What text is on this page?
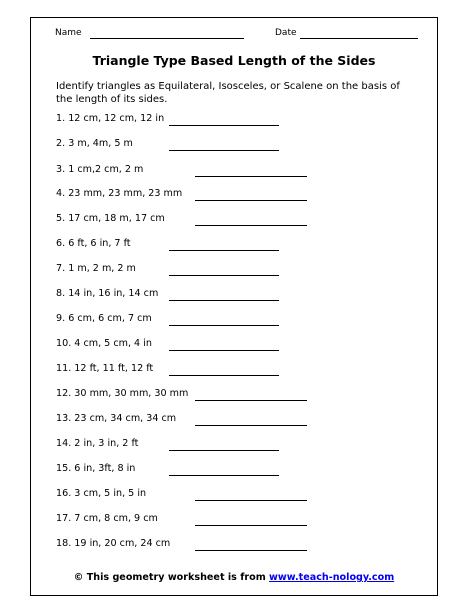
Name	Date
Triangle Type Based Length of the Sides
Identify triangles as Equilateral, Isosceles, or Scalene on the basis of the length of its sides.
1. 12 cm, 12 cm, 12 in
2. 3 m, 4m, 5 m
3. 1 cm,2 cm, 2 m
4. 23 mm, 23 mm, 23 mm
5. 17 cm, 18 m, 17 cm
6. 6 ft, 6 in, 7 ft
7. 1 m, 2 m, 2 m
8. 14 in, 16 in, 14 cm
9. 6 cm, 6 cm, 7 cm
10. 4 cm, 5 cm, 4 in
11. 12 ft, 11 ft, 12 ft
12. 30 mm, 30 mm, 30 mm
13. 23 cm, 34 cm, 34 cm
14. 2 in, 3 in, 2 ft
15. 6 in, 3ft, 8 in
16. 3 cm, 5 in, 5 in
17. 7 cm, 8 cm, 9 cm
18. 19 in, 20 cm, 24 cm
© This geometry worksheet is from www.teach-nology.com
